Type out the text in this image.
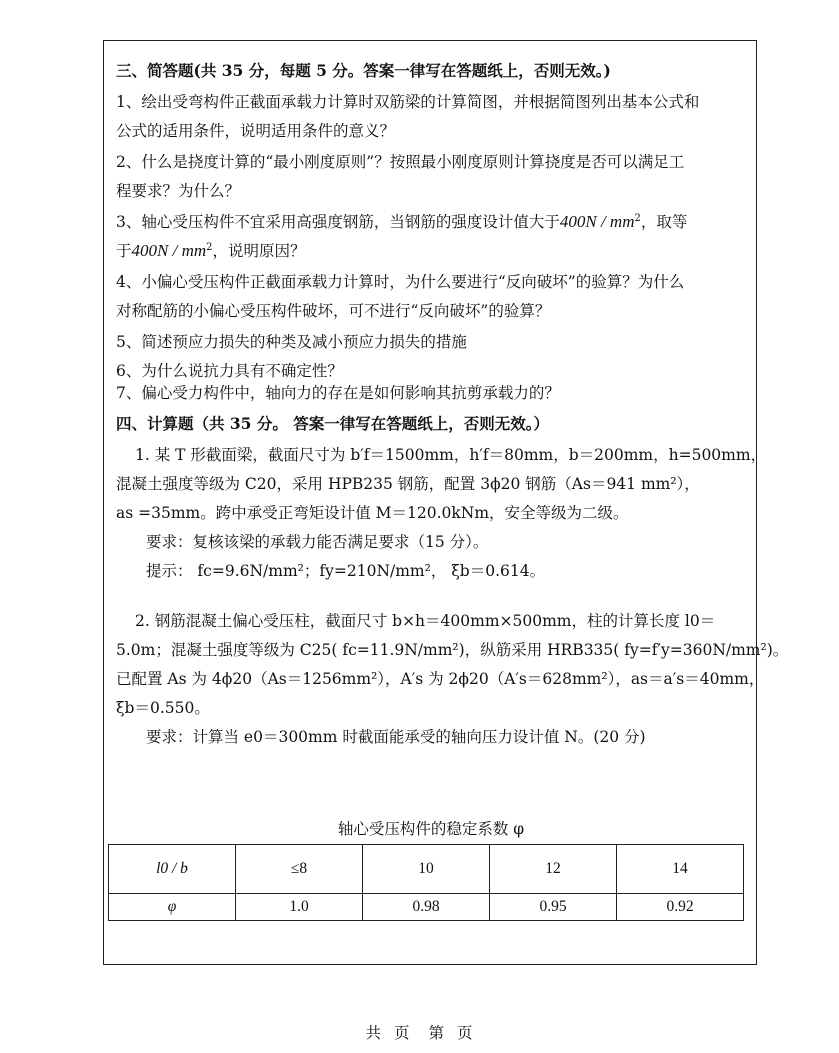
三、简答题(共 35 分，每题 5 分。答案一律写在答题纸上，否则无效。)

1、绘出受弯构件正截面承载力计算时双筋梁的计算简图，并根据简图列出基本公式和

公式的适用条件，说明适用条件的意义？

2、什么是挠度计算的“最小刚度原则”？按照最小刚度原则计算挠度是否可以满足工

程要求？为什么？

3、轴心受压构件不宜采用高强度钢筋，当钢筋的强度设计值大于$400N / mm^2$，取等

于$400N / mm^2$，说明原因？

4、小偏心受压构件正截面承载力计算时，为什么要进行“反向破坏”的验算？为什么

对称配筋的小偏心受压构件破坏，可不进行“反向破坏”的验算？

5、简述预应力损失的种类及减小预应力损失的措施

6、为什么说抗力具有不确定性？

7、偏心受力构件中，轴向力的存在是如何影响其抗剪承载力的？

四、计算题（共 35 分。 答案一律写在答题纸上，否则无效。）

1. 某 T 形截面梁，截面尺寸为 b′f＝1500mm，h′f＝80mm，b＝200mm，h=500mm，

混凝土强度等级为 C20，采用 HPB235 钢筋，配置 3ϕ20 钢筋（As＝941 mm²），

as =35mm。跨中承受正弯矩设计值 M＝120.0kNm，安全等级为二级。

要求：复核该梁的承载力能否满足要求（15 分）。

提示： fc=9.6N/mm²；fy=210N/mm²， ξb＝0.614。

2. 钢筋混凝土偏心受压柱，截面尺寸 b×h＝400mm×500mm，柱的计算长度 l0＝

5.0m；混凝土强度等级为 C25( fc=11.9N/mm²)，纵筋采用 HRB335( fy=f′y=360N/mm²)。

已配置 As 为 4ϕ20（As＝1256mm²），A′s 为 2ϕ20（A′s＝628mm²），as＝a′s＝40mm，

ξb＝0.550。

要求：计算当 e0＝300mm 时截面能承受的轴向压力设计值 N。(20 分)

轴心受压构件的稳定系数 φ
l0 / b	≤8	10	12	14
φ	1.0	0.98	0.95	0.92
共 页 第 页
